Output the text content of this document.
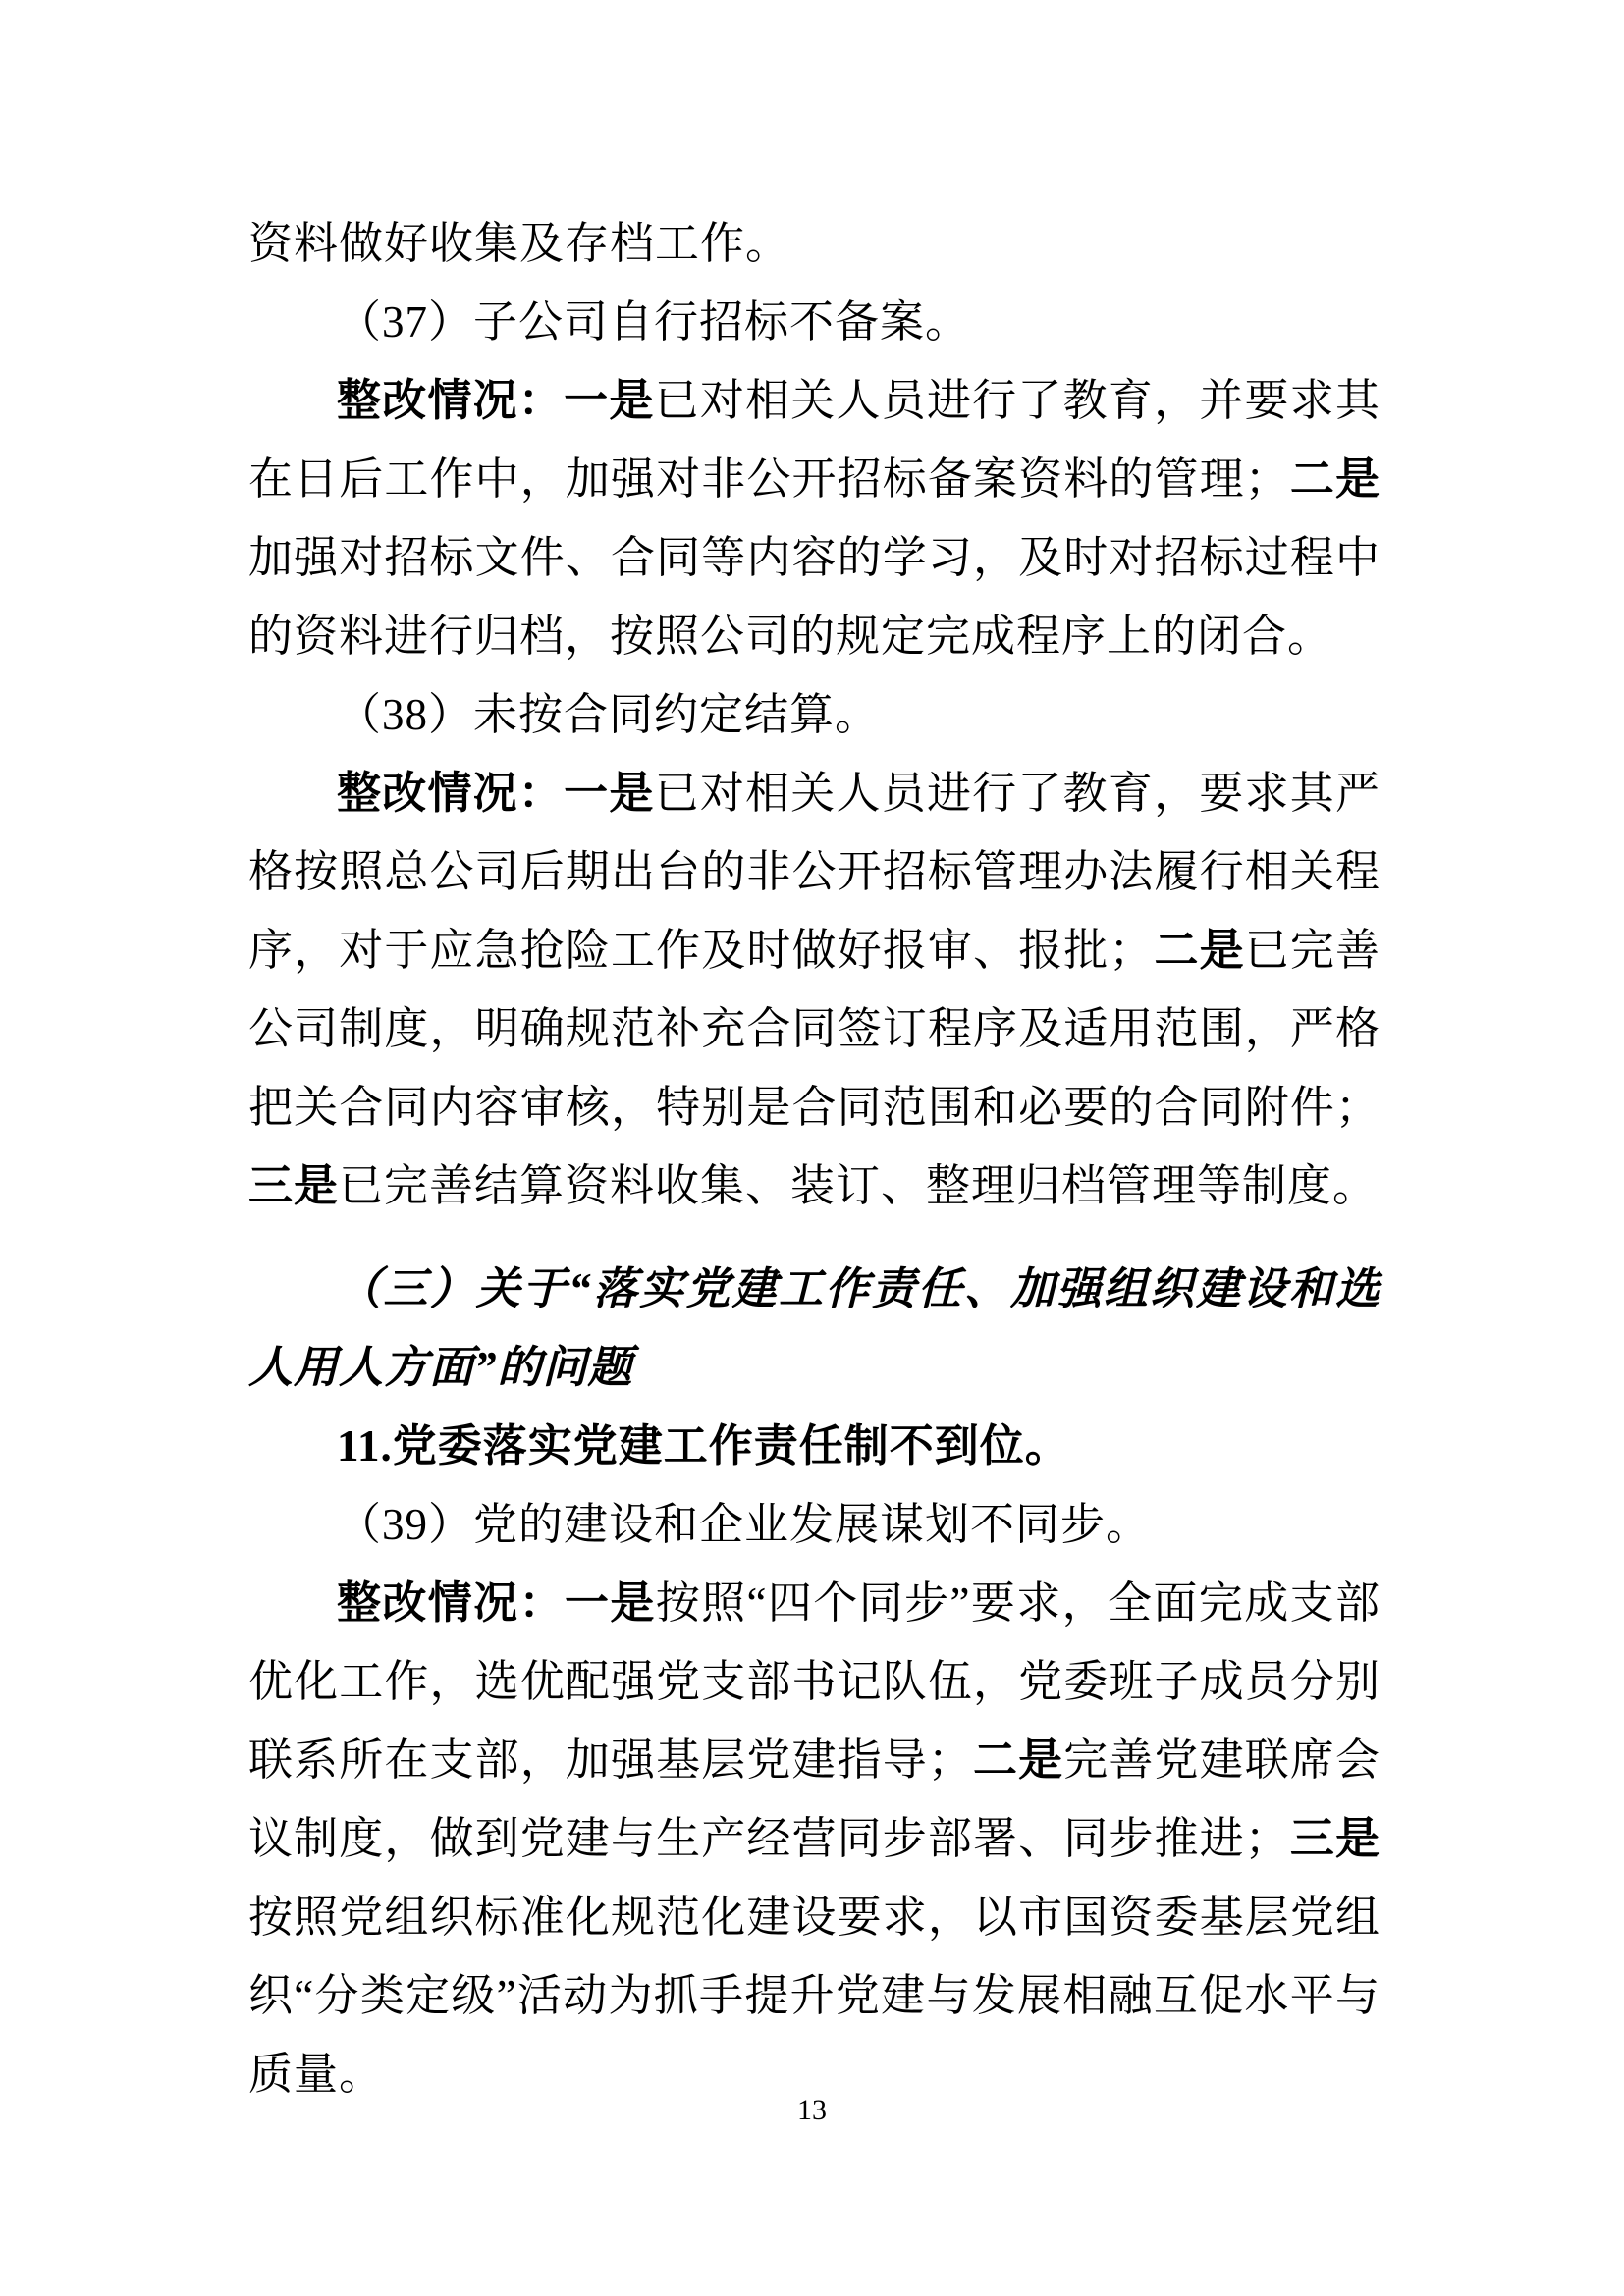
资料做好收集及存档工作。

（37）子公司自行招标不备案。

整改情况：一是已对相关人员进行了教育，并要求其在日后工作中，加强对非公开招标备案资料的管理；二是加强对招标文件、合同等内容的学习，及时对招标过程中的资料进行归档，按照公司的规定完成程序上的闭合。

（38）未按合同约定结算。

整改情况：一是已对相关人员进行了教育，要求其严格按照总公司后期出台的非公开招标管理办法履行相关程序，对于应急抢险工作及时做好报审、报批；二是已完善公司制度，明确规范补充合同签订程序及适用范围，严格把关合同内容审核，特别是合同范围和必要的合同附件；三是已完善结算资料收集、装订、整理归档管理等制度。

（三）关于“落实党建工作责任、加强组织建设和选人用人方面”的问题

11.党委落实党建工作责任制不到位。

（39）党的建设和企业发展谋划不同步。

整改情况：一是按照“四个同步”要求，全面完成支部优化工作，选优配强党支部书记队伍，党委班子成员分别联系所在支部，加强基层党建指导；二是完善党建联席会议制度，做到党建与生产经营同步部署、同步推进；三是按照党组织标准化规范化建设要求，以市国资委基层党组织“分类定级”活动为抓手提升党建与发展相融互促水平与质量。

13
